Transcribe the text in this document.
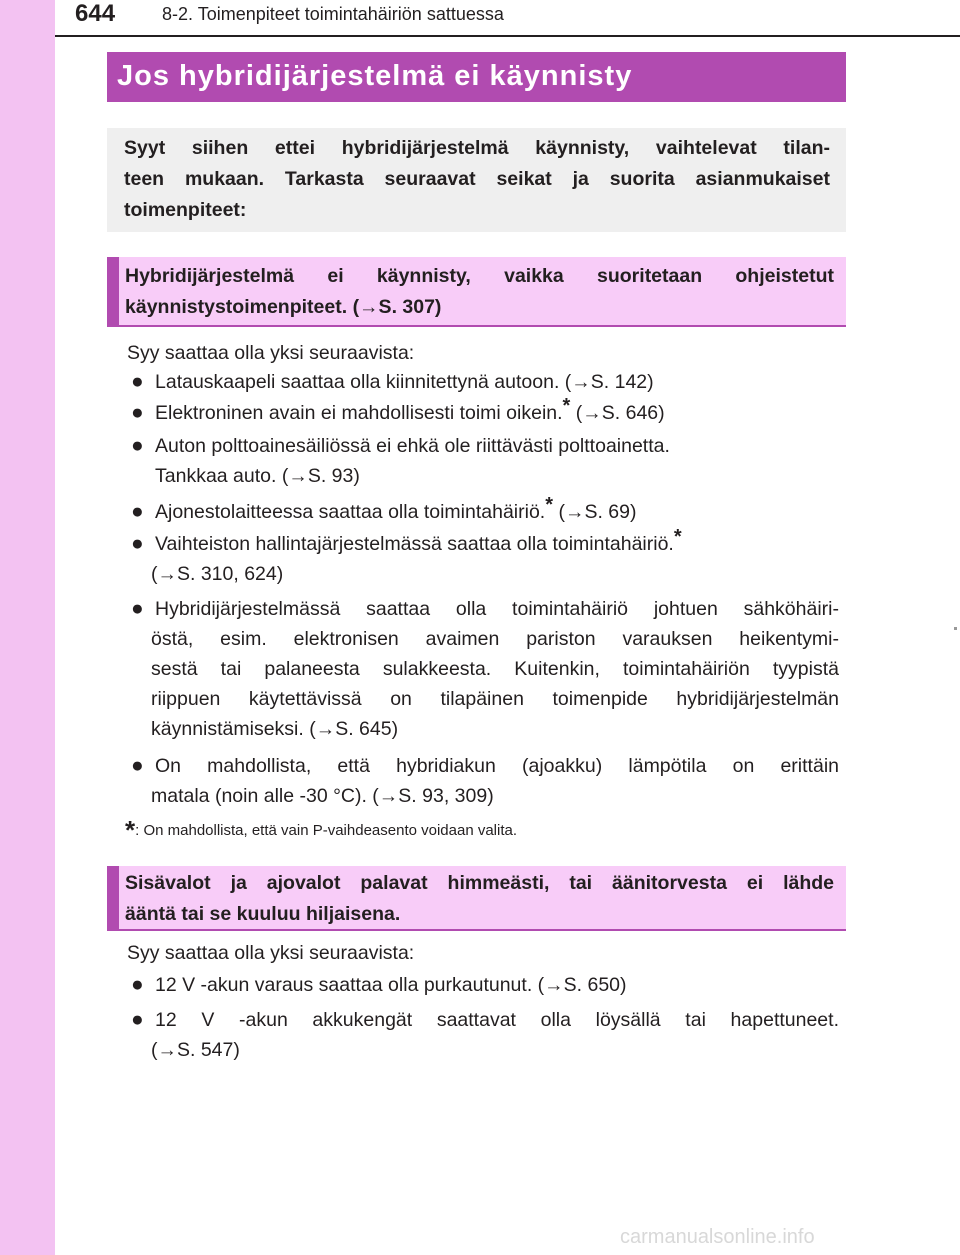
644	8-2. Toimenpiteet toimintahäiriön sattuessa
Jos hybridijärjestelmä ei käynnisty
Syyt siihen ettei hybridijärjestelmä käynnisty, vaihtelevat tilan-
teen mukaan. Tarkasta seuraavat seikat ja suorita asianmukaiset
toimenpiteet:
Hybridijärjestelmä ei käynnisty, vaikka suoritetaan ohjeistetut
käynnistystoimenpiteet. (→S. 307)
Syy saattaa olla yksi seuraavista:
● Latauskaapeli saattaa olla kiinnitettynä autoon. (→S. 142)
● Elektroninen avain ei mahdollisesti toimi oikein.* (→S. 646)
● Auton polttoainesäiliössä ei ehkä ole riittävästi polttoainetta.
Tankkaa auto. (→S. 93)
● Ajonestolaitteessa saattaa olla toimintahäiriö.* (→S. 69)
● Vaihteiston hallintajärjestelmässä saattaa olla toimintahäiriö.*
(→S. 310, 624)
● Hybridijärjestelmässä saattaa olla toimintahäiriö johtuen sähköhäiri-
östä, esim. elektronisen avaimen pariston varauksen heikentymi-
sestä tai palaneesta sulakkeesta. Kuitenkin, toimintahäiriön tyypistä
riippuen käytettävissä on tilapäinen toimenpide hybridijärjestelmän
käynnistämiseksi. (→S. 645)
● On mahdollista, että hybridiakun (ajoakku) lämpötila on erittäin
matala (noin alle -30 °C). (→S. 93, 309)
*: On mahdollista, että vain P-vaihdeasento voidaan valita.
Sisävalot ja ajovalot palavat himmeästi, tai äänitorvesta ei lähde
ääntä tai se kuuluu hiljaisena.
Syy saattaa olla yksi seuraavista:
● 12 V -akun varaus saattaa olla purkautunut. (→S. 650)
● 12 V -akun akkukengät saattavat olla löysällä tai hapettuneet.
(→S. 547)
carmanualsonline.info
